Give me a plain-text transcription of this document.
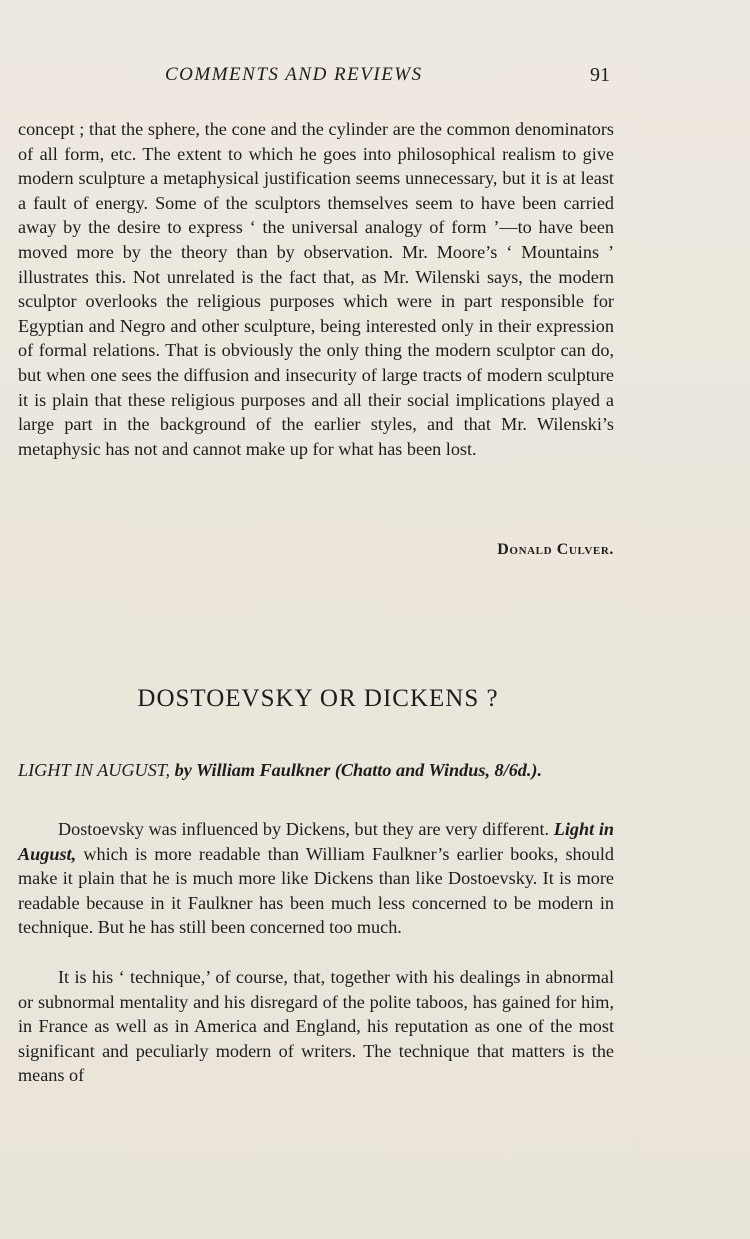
COMMENTS AND REVIEWS	91

concept ; that the sphere, the cone and the cylinder are the common denominators of all form, etc. The extent to which he goes into philosophical realism to give modern sculpture a metaphysical justification seems unnecessary, but it is at least a fault of energy. Some of the sculptors themselves seem to have been carried away by the desire to express ‘ the universal analogy of form ’—to have been moved more by the theory than by observation. Mr. Moore’s ‘ Mountains ’ illustrates this. Not unrelated is the fact that, as Mr. Wilenski says, the modern sculptor overlooks the religious purposes which were in part responsible for Egyptian and Negro and other sculpture, being interested only in their expression of formal relations. That is obviously the only thing the modern sculptor can do, but when one sees the diffusion and insecurity of large tracts of modern sculpture it is plain that these religious purposes and all their social implications played a large part in the background of the earlier styles, and that Mr. Wilenski’s metaphysic has not and cannot make up for what has been lost.

Donald Culver.

DOSTOEVSKY OR DICKENS ?

LIGHT IN AUGUST, by William Faulkner (Chatto and Windus, 8/6d.).

Dostoevsky was influenced by Dickens, but they are very different. Light in August, which is more readable than William Faulkner’s earlier books, should make it plain that he is much more like Dickens than like Dostoevsky. It is more readable because in it Faulkner has been much less concerned to be modern in technique. But he has still been concerned too much.

It is his ‘ technique,’ of course, that, together with his dealings in abnormal or subnormal mentality and his disregard of the polite taboos, has gained for him, in France as well as in America and England, his reputation as one of the most significant and peculiarly modern of writers. The technique that matters is the means of
